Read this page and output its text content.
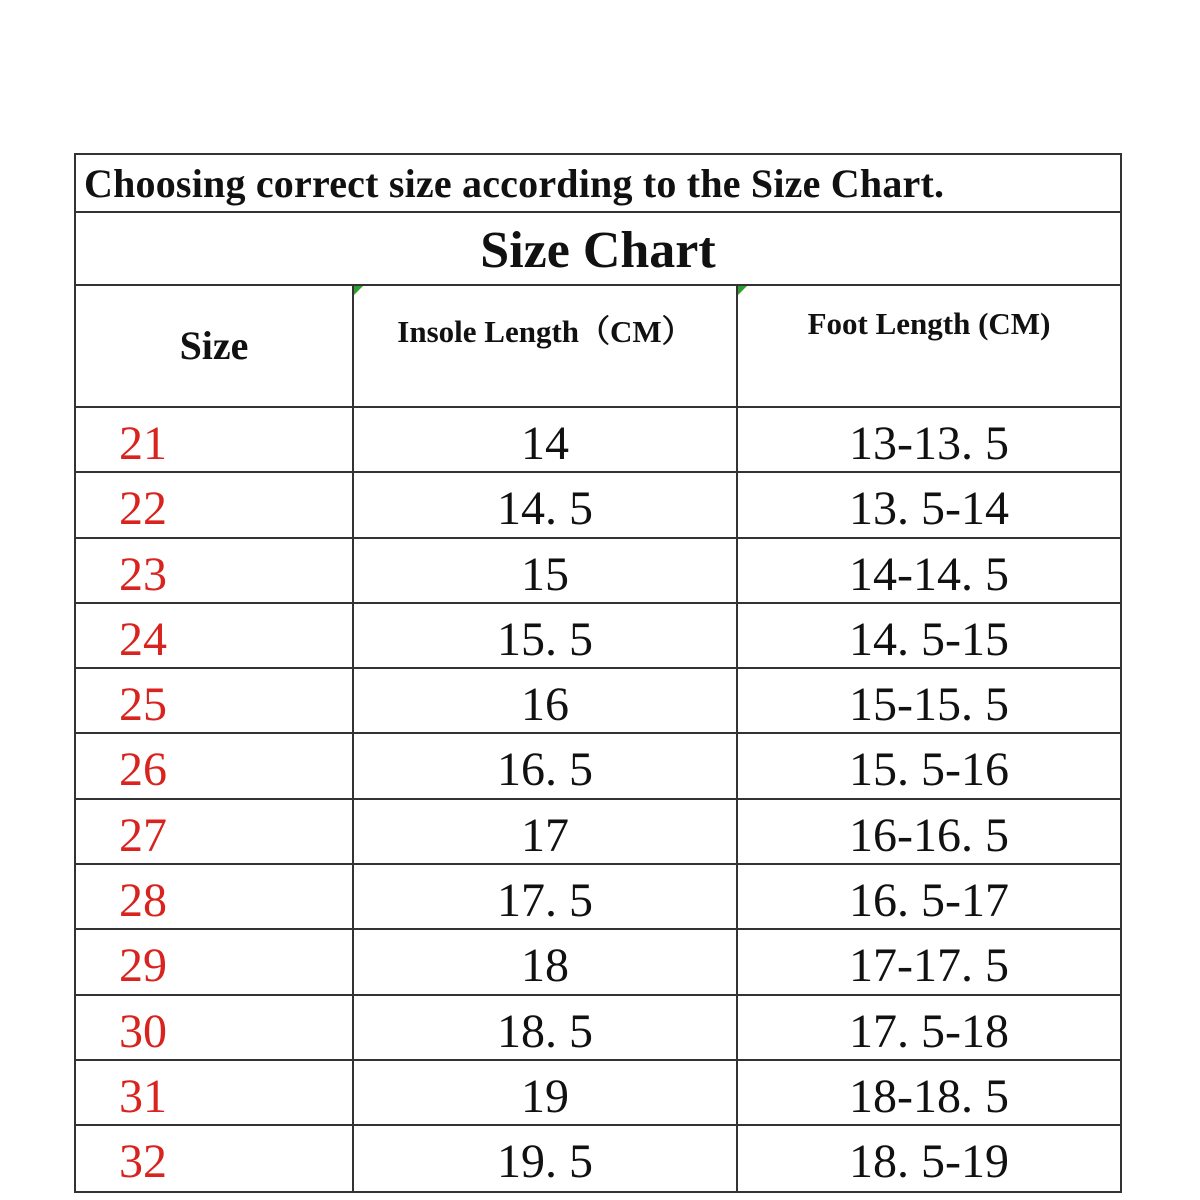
Choosing correct size according to the Size Chart.
Size Chart
Size	Insole Length（CM）	Foot Length (CM)
21	14	13-13. 5
22	14. 5	13. 5-14
23	15	14-14. 5
24	15. 5	14. 5-15
25	16	15-15. 5
26	16. 5	15. 5-16
27	17	16-16. 5
28	17. 5	16. 5-17
29	18	17-17. 5
30	18. 5	17. 5-18
31	19	18-18. 5
32	19. 5	18. 5-19
